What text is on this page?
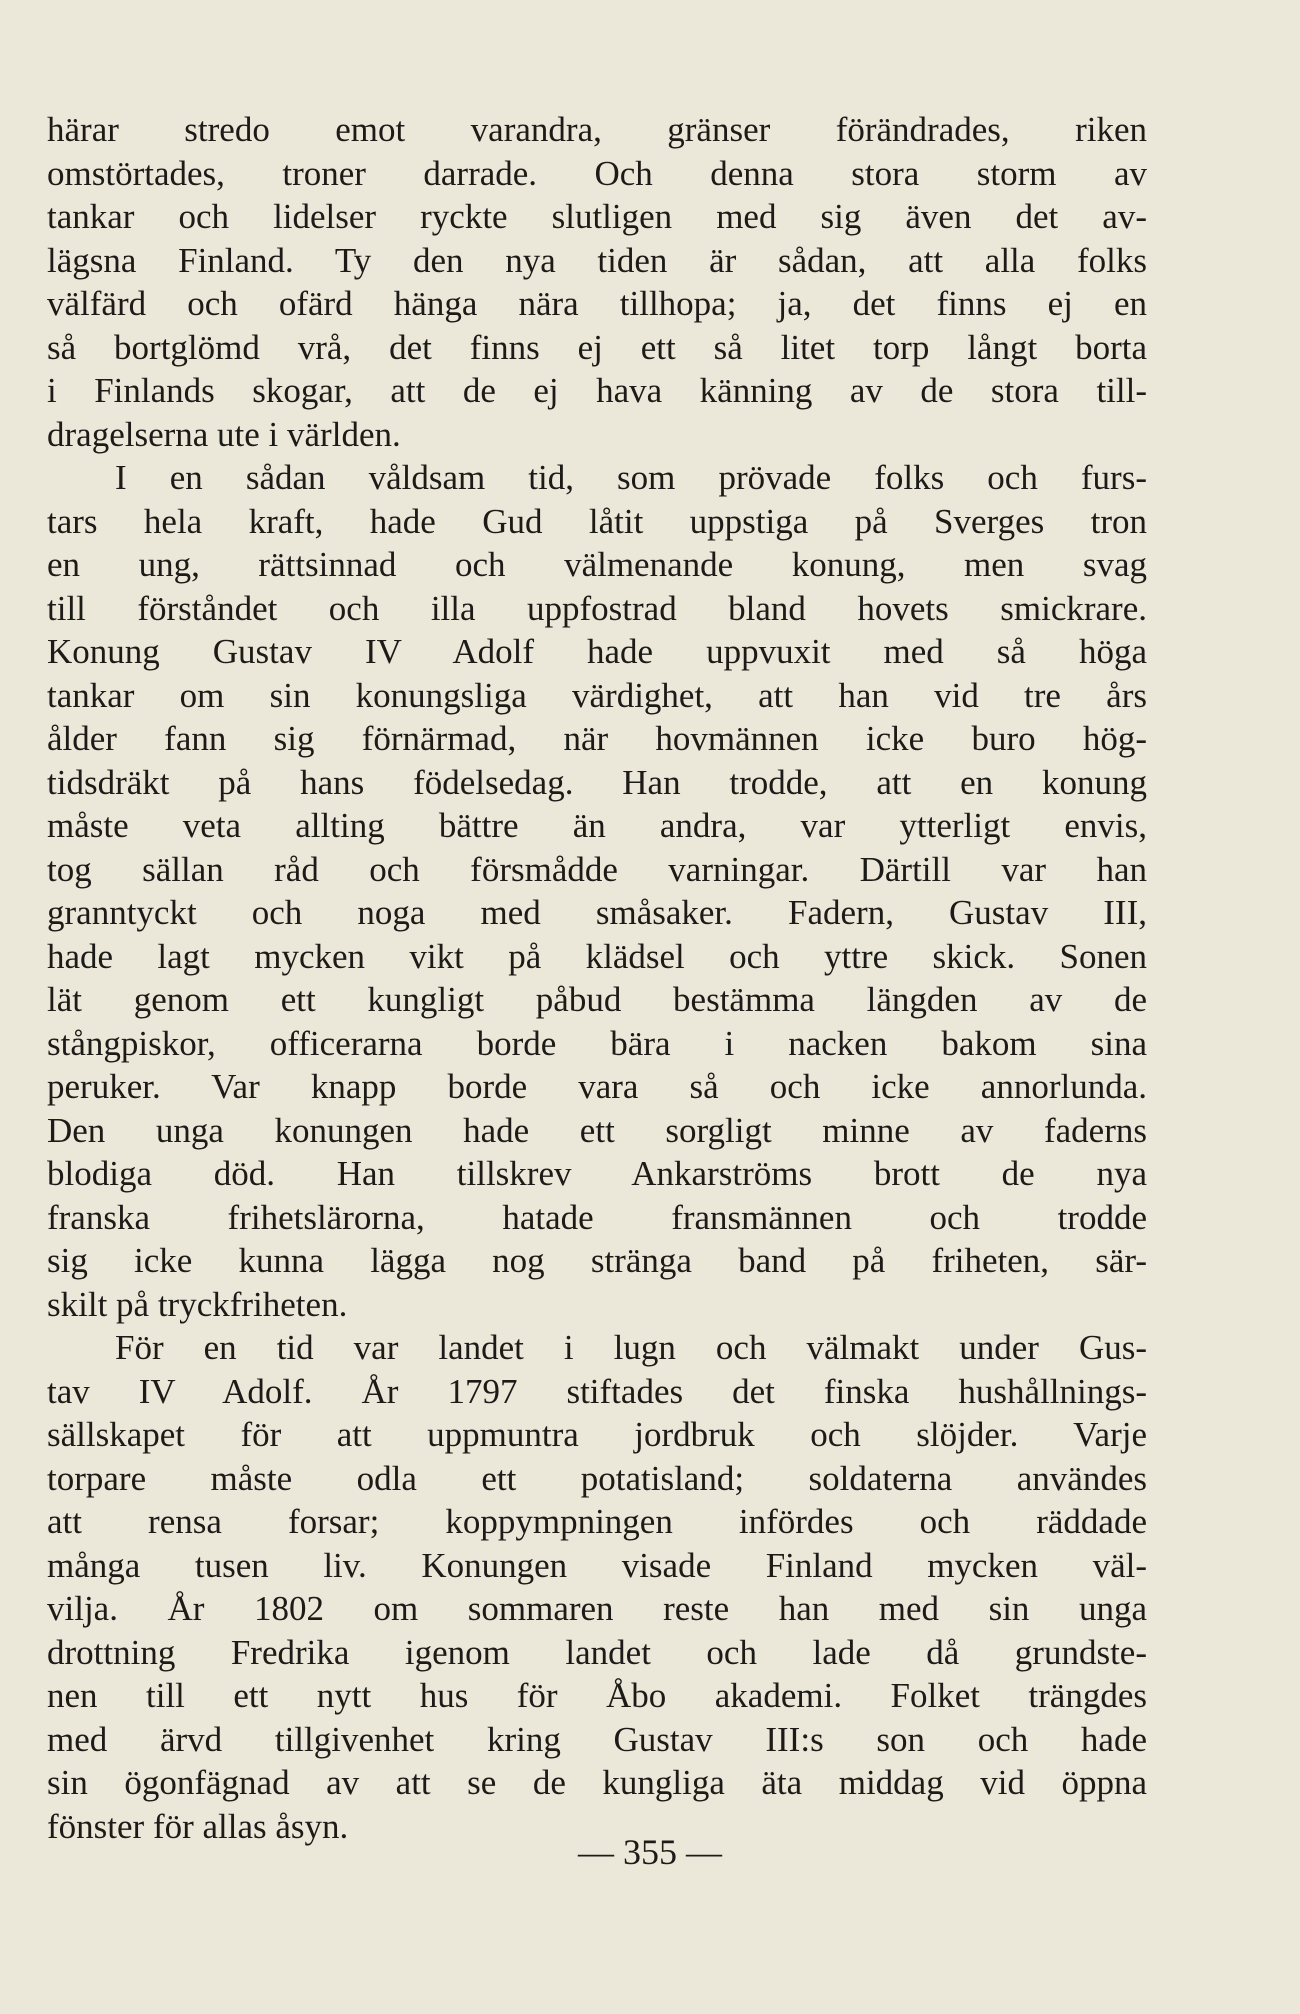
härar stredo emot varandra, gränser förändrades, riken
omstörtades, troner darrade. Och denna stora storm av
tankar och lidelser ryckte slutligen med sig även det av-
lägsna Finland. Ty den nya tiden är sådan, att alla folks
välfärd och ofärd hänga nära tillhopa; ja, det finns ej en
så bortglömd vrå, det finns ej ett så litet torp långt borta
i Finlands skogar, att de ej hava känning av de stora till-
dragelserna ute i världen.
I en sådan våldsam tid, som prövade folks och furs-
tars hela kraft, hade Gud låtit uppstiga på Sverges tron
en ung, rättsinnad och välmenande konung, men svag
till förståndet och illa uppfostrad bland hovets smickrare.
Konung Gustav IV Adolf hade uppvuxit med så höga
tankar om sin konungsliga värdighet, att han vid tre års
ålder fann sig förnärmad, när hovmännen icke buro hög-
tidsdräkt på hans födelsedag. Han trodde, att en konung
måste veta allting bättre än andra, var ytterligt envis,
tog sällan råd och försmådde varningar. Därtill var han
granntyckt och noga med småsaker. Fadern, Gustav III,
hade lagt mycken vikt på klädsel och yttre skick. Sonen
lät genom ett kungligt påbud bestämma längden av de
stångpiskor, officerarna borde bära i nacken bakom sina
peruker. Var knapp borde vara så och icke annorlunda.
Den unga konungen hade ett sorgligt minne av faderns
blodiga död. Han tillskrev Ankarströms brott de nya
franska frihetslärorna, hatade fransmännen och trodde
sig icke kunna lägga nog stränga band på friheten, sär-
skilt på tryckfriheten.
För en tid var landet i lugn och välmakt under Gus-
tav IV Adolf. År 1797 stiftades det finska hushållnings-
sällskapet för att uppmuntra jordbruk och slöjder. Varje
torpare måste odla ett potatisland; soldaterna användes
att rensa forsar; koppympningen infördes och räddade
många tusen liv. Konungen visade Finland mycken väl-
vilja. År 1802 om sommaren reste han med sin unga
drottning Fredrika igenom landet och lade då grundste-
nen till ett nytt hus för Åbo akademi. Folket trängdes
med ärvd tillgivenhet kring Gustav III:s son och hade
sin ögonfägnad av att se de kungliga äta middag vid öppna
fönster för allas åsyn.
— 355 —
